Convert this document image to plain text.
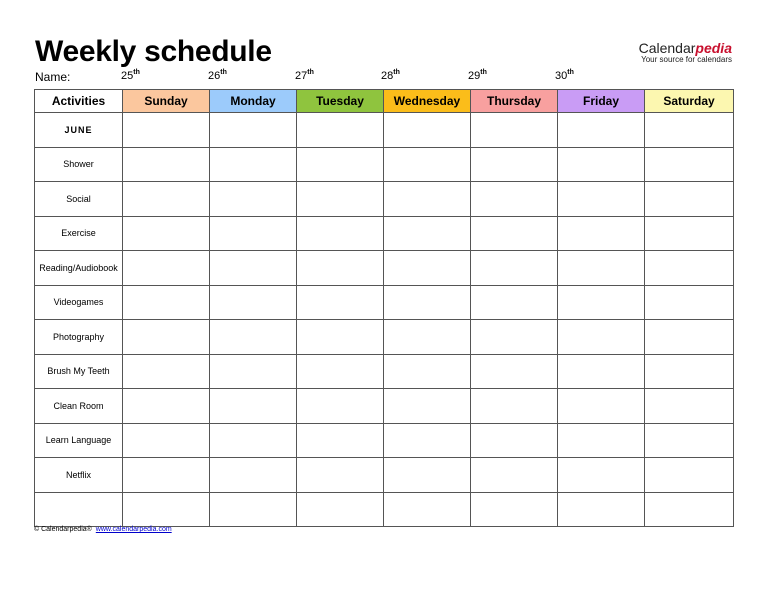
Weekly schedule	Calendarpedia
Your source for calendars
Name:	25th	26th	27th	28th	29th	30th
Activities	Sunday	Monday	Tuesday	Wednesday	Thursday	Friday	Saturday
JUNE							
Shower							
Social							
Exercise							
Reading/Audiobook							
Videogames							
Photography							
Brush My Teeth							
Clean Room							
Learn Language							
Netflix							

© Calendarpedia® www.calendarpedia.com
